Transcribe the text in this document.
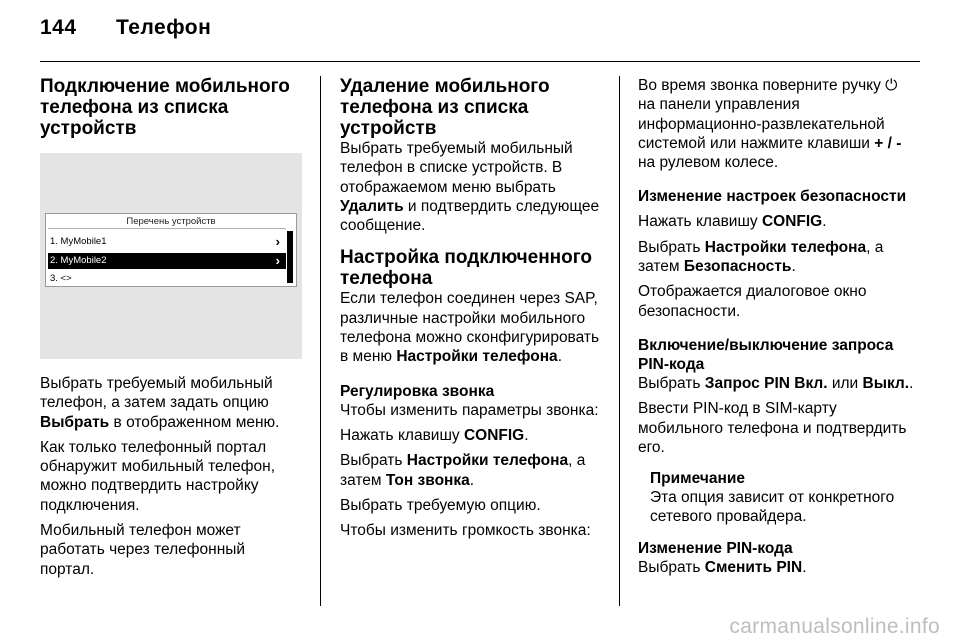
144 Телефон
Подключение мобильного телефона из списка устройств
Перечень устройств
1. MyMobile1	›
2. MyMobile2	›
3. <>

Выбрать требуемый мобильный телефон, а затем задать опцию Выбрать в отображенном меню.

Как только телефонный портал обнаружит мобильный телефон, можно подтвердить настройку подключения.

Мобильный телефон может работать через телефонный портал.

Удаление мобильного телефона из списка устройств

Выбрать требуемый мобильный телефон в списке устройств. В отображаемом меню выбрать Удалить и подтвердить следующее сообщение.

Настройка подключенного телефона

Если телефон соединен через SAP, различные настройки мобильного телефона можно сконфигурировать в меню Настройки телефона.

Регулировка звонка

Чтобы изменить параметры звонка:

Нажать клавишу CONFIG.

Выбрать Настройки телефона, а затем Тон звонка.

Выбрать требуемую опцию.

Чтобы изменить громкость звонка:

Во время звонка поверните ручку ⏻ на панели управления информационно-развлекательной системой или нажмите клавиши + / - на рулевом колесе.

Изменение настроек безопасности

Нажать клавишу CONFIG.

Выбрать Настройки телефона, а затем Безопасность.

Отображается диалоговое окно безопасности.

Включение/выключение запроса PIN-кода

Выбрать Запрос PIN Вкл. или Выкл..

Ввести PIN-код в SIM-карту мобильного телефона и подтвердить его.

Примечание

Эта опция зависит от конкретного сетевого провайдера.

Изменение PIN-кода

Выбрать Сменить PIN.

carmanualsonline.info
